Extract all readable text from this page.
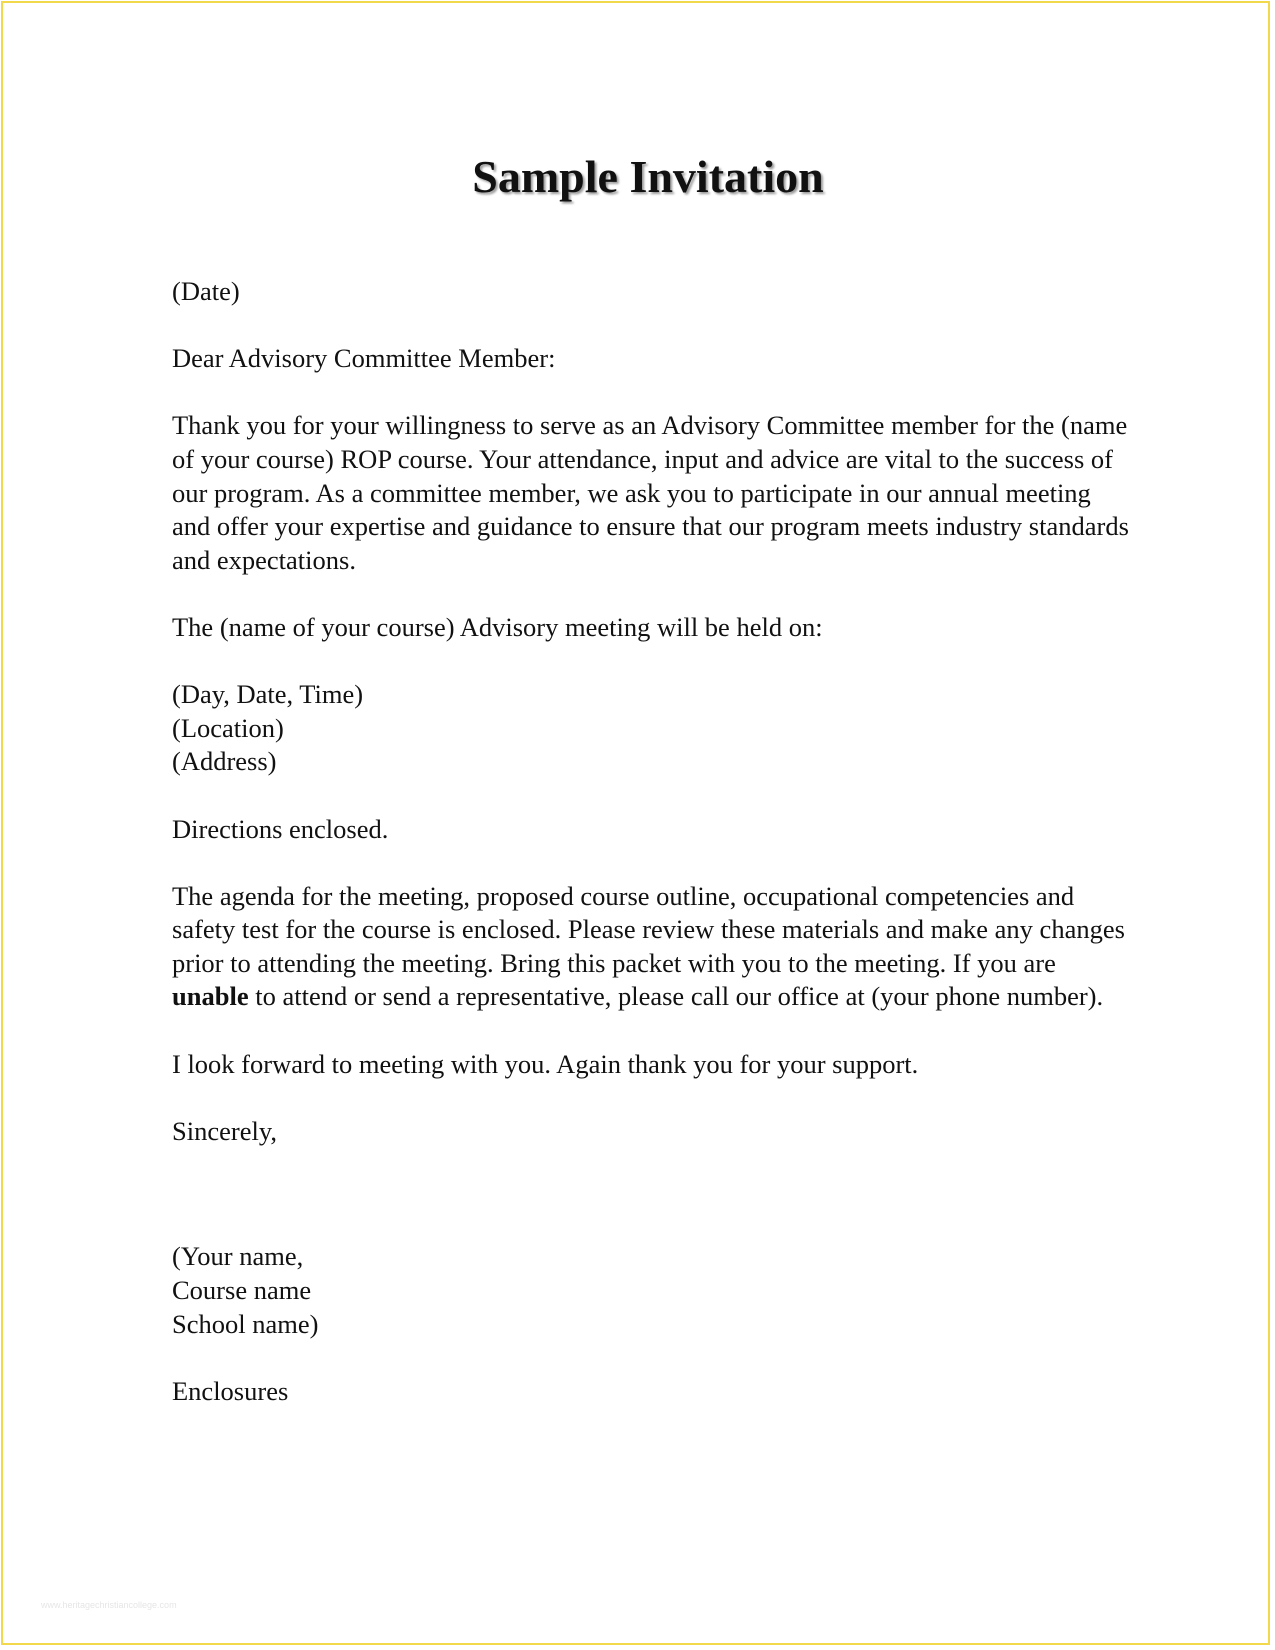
Sample Invitation

(Date)

Dear Advisory Committee Member:

Thank you for your willingness to serve as an Advisory Committee member for the (name of your course) ROP course. Your attendance, input and advice are vital to the success of our program. As a committee member, we ask you to participate in our annual meeting and offer your expertise and guidance to ensure that our program meets industry standards and expectations.

The (name of your course) Advisory meeting will be held on:

(Day, Date, Time)

(Location)

(Address)

Directions enclosed.

The agenda for the meeting, proposed course outline, occupational competencies and safety test for the course is enclosed. Please review these materials and make any changes prior to attending the meeting. Bring this packet with you to the meeting. If you are unable to attend or send a representative, please call our office at (your phone number).

I look forward to meeting with you. Again thank you for your support.

Sincerely,

(Your name,

Course name

School name)

Enclosures

www.heritagechristiancollege.com
